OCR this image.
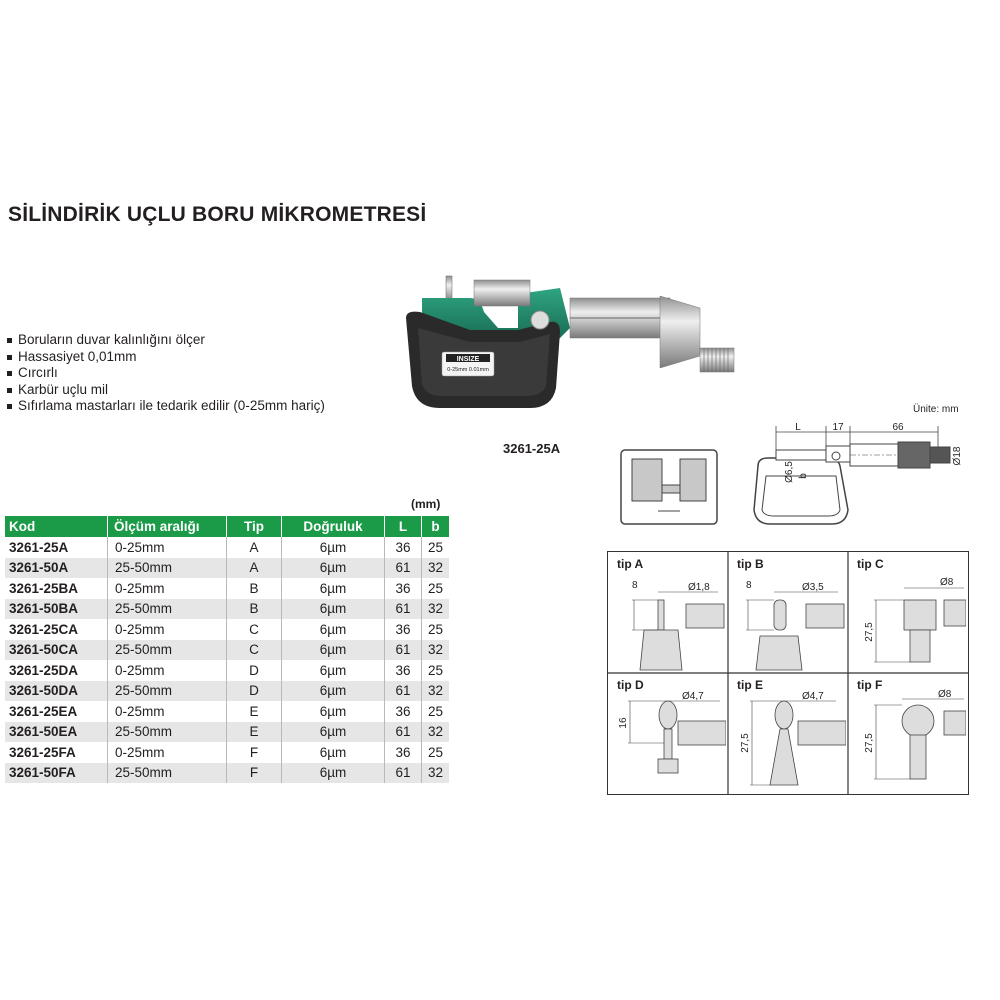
SİLİNDİRİK UÇLU BORU MİKROMETRESİ
Boruların duvar kalınlığını ölçer
Hassasiyet 0,01mm
Cırcırlı
Karbür uçlu mil
Sıfırlama mastarları ile tedarik edilir (0-25mm hariç)
INSIZE
0-25mm 0.01mm
3261-25A
Ünite: mm
L	17	66
Ø18
Ø6,5 b
(mm)
Kod	Ölçüm aralığı	Tip	Doğruluk	L	b
3261-25A	0-25mm	A	6µm	36	25
3261-50A	25-50mm	A	6µm	61	32
3261-25BA	0-25mm	B	6µm	36	25
3261-50BA	25-50mm	B	6µm	61	32
3261-25CA	0-25mm	C	6µm	36	25
3261-50CA	25-50mm	C	6µm	61	32
3261-25DA	0-25mm	D	6µm	36	25
3261-50DA	25-50mm	D	6µm	61	32
3261-25EA	0-25mm	E	6µm	36	25
3261-50EA	25-50mm	E	6µm	61	32
3261-25FA	0-25mm	F	6µm	36	25
3261-50FA	25-50mm	F	6µm	61	32
tip A
8	Ø1,8
tip B
8	Ø3,5
tip C
Ø8
27,5
tip D
Ø4,7
16
tip E
Ø4,7
27,5
tip F
Ø8
27,5
